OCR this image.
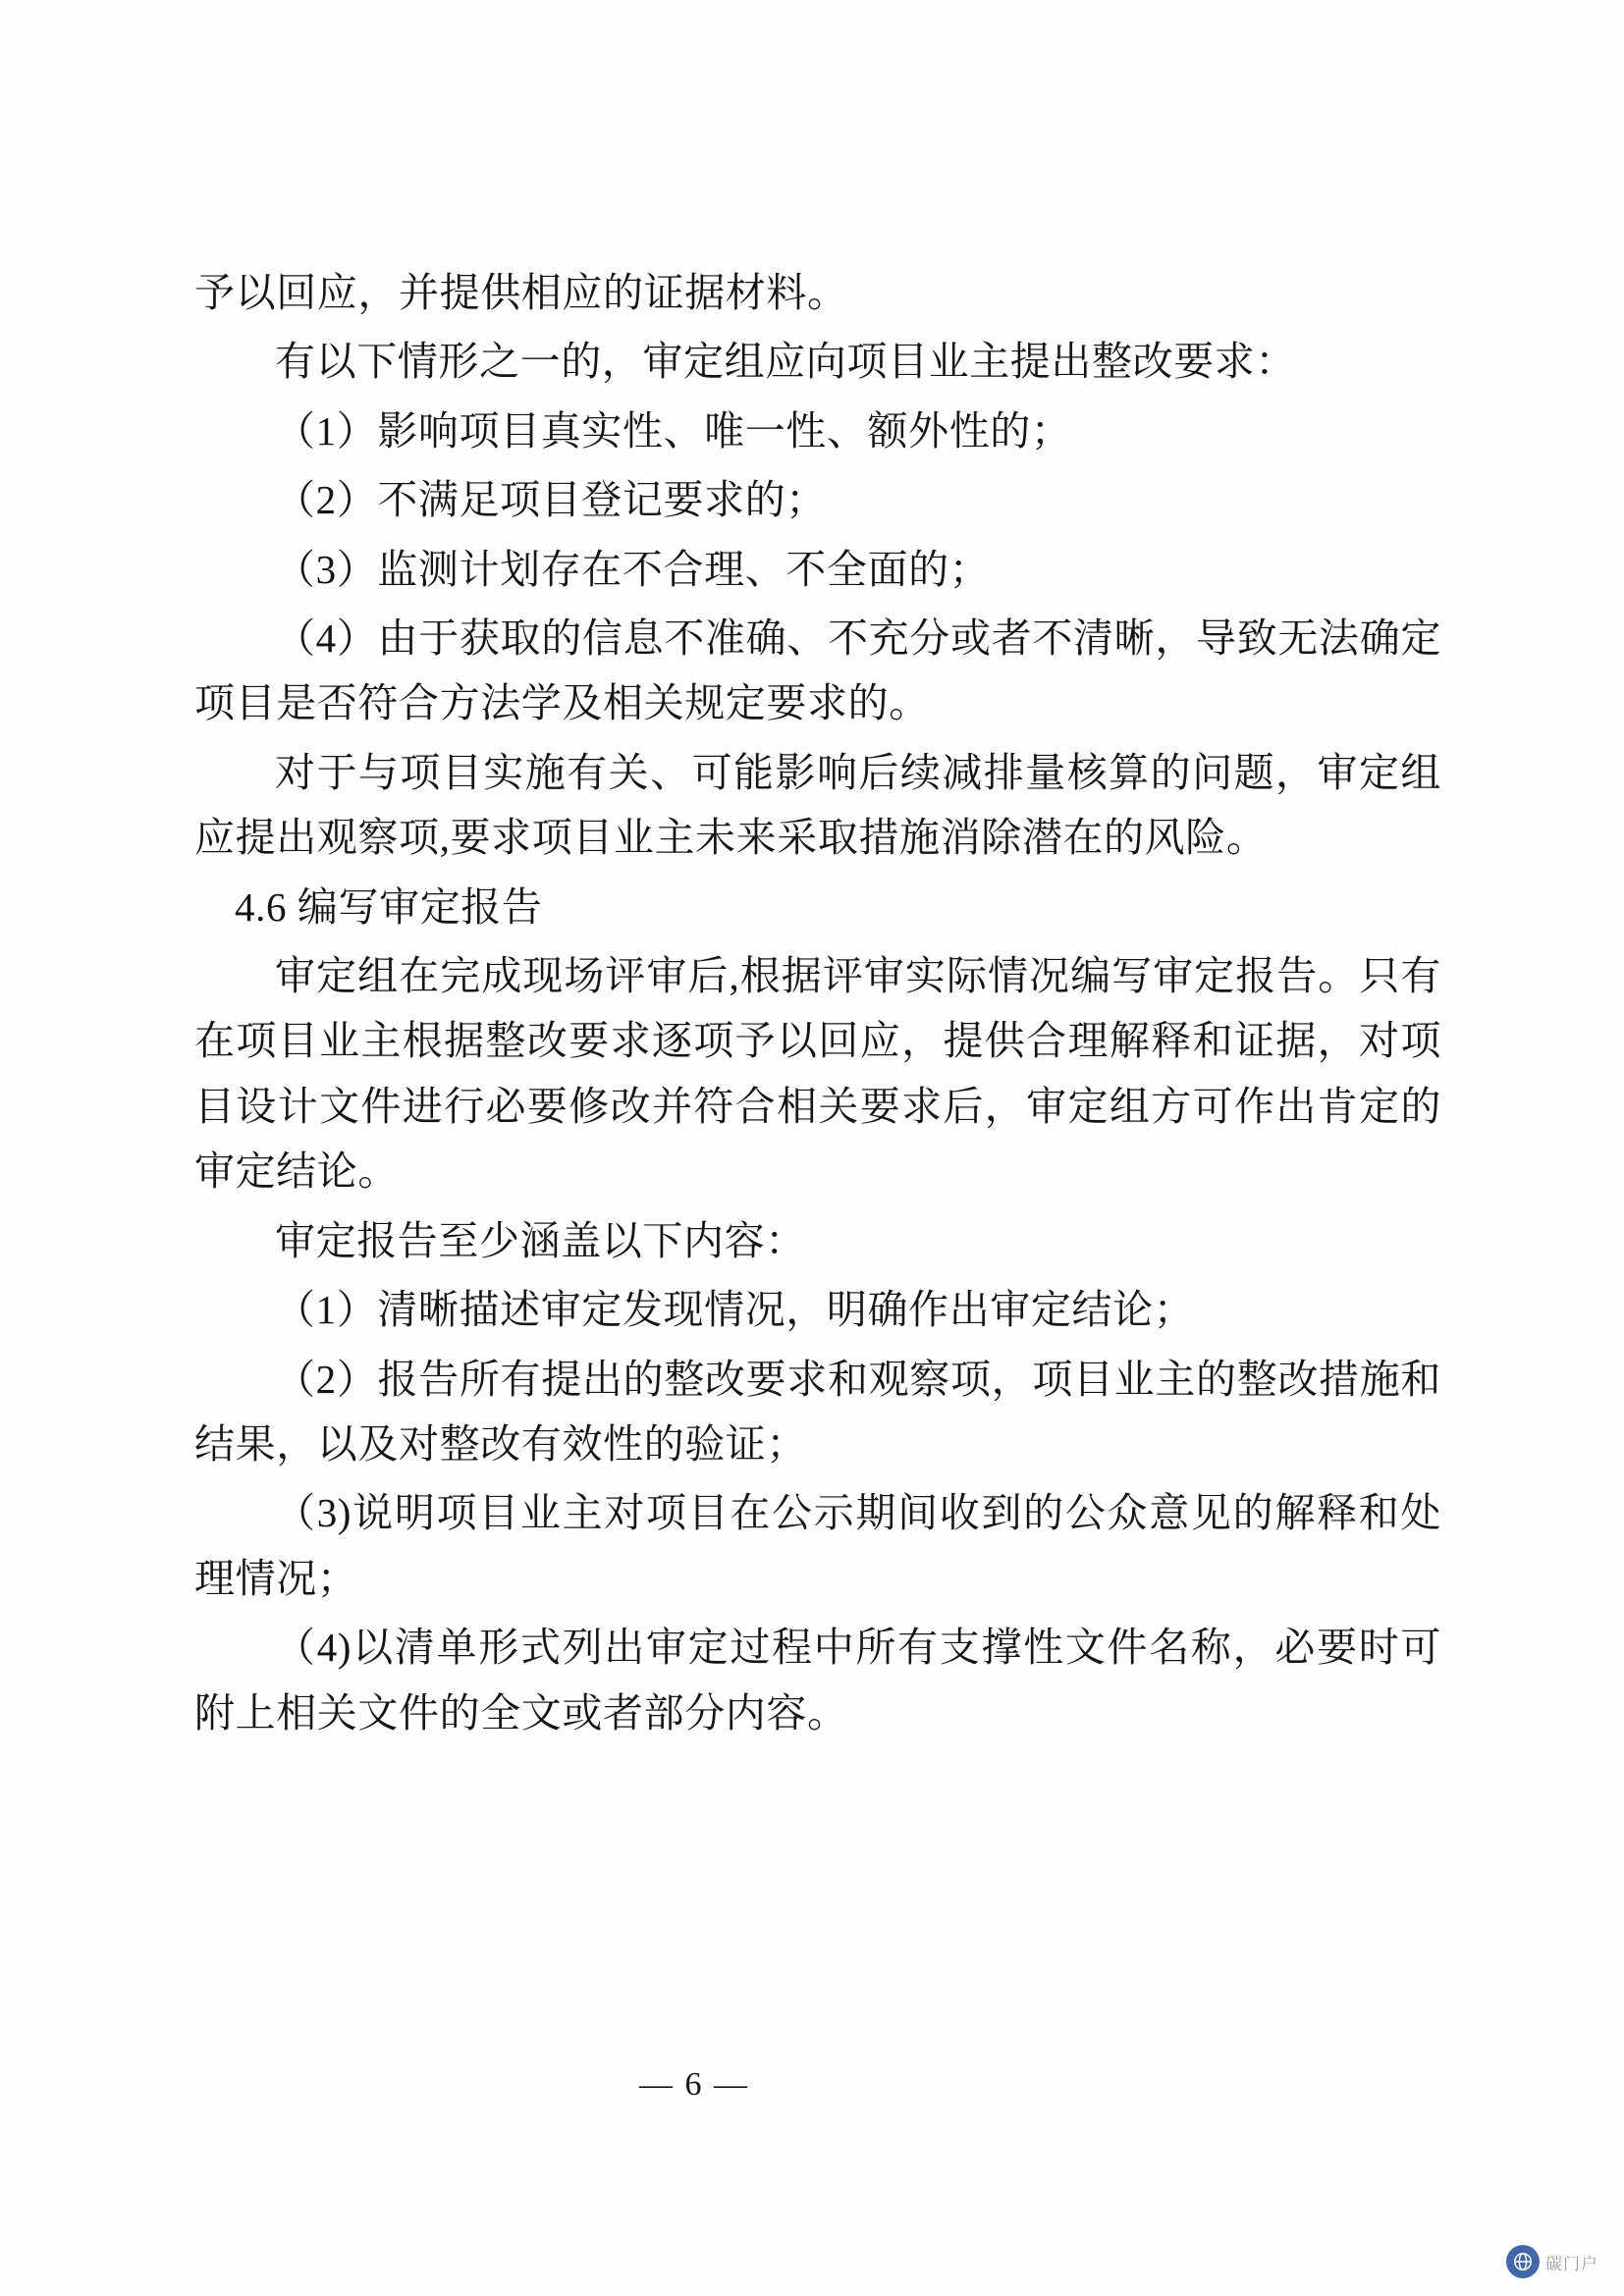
予以回应，并提供相应的证据材料。

有以下情形之一的，审定组应向项目业主提出整改要求：

（1）影响项目真实性、唯一性、额外性的；

（2）不满足项目登记要求的；

（3）监测计划存在不合理、不全面的；

（4）由于获取的信息不准确、不充分或者不清晰，导致无法确定项目是否符合方法学及相关规定要求的。

对于与项目实施有关、可能影响后续减排量核算的问题，审定组应提出观察项,要求项目业主未来采取措施消除潜在的风险。

4.6 编写审定报告

审定组在完成现场评审后,根据评审实际情况编写审定报告。只有在项目业主根据整改要求逐项予以回应，提供合理解释和证据，对项目设计文件进行必要修改并符合相关要求后，审定组方可作出肯定的审定结论。

审定报告至少涵盖以下内容：

（1）清晰描述审定发现情况，明确作出审定结论；

（2）报告所有提出的整改要求和观察项，项目业主的整改措施和结果，以及对整改有效性的验证；

（3)说明项目业主对项目在公示期间收到的公众意见的解释和处理情况；

（4)以清单形式列出审定过程中所有支撑性文件名称，必要时可附上相关文件的全文或者部分内容。

— 6 —
碳门户
